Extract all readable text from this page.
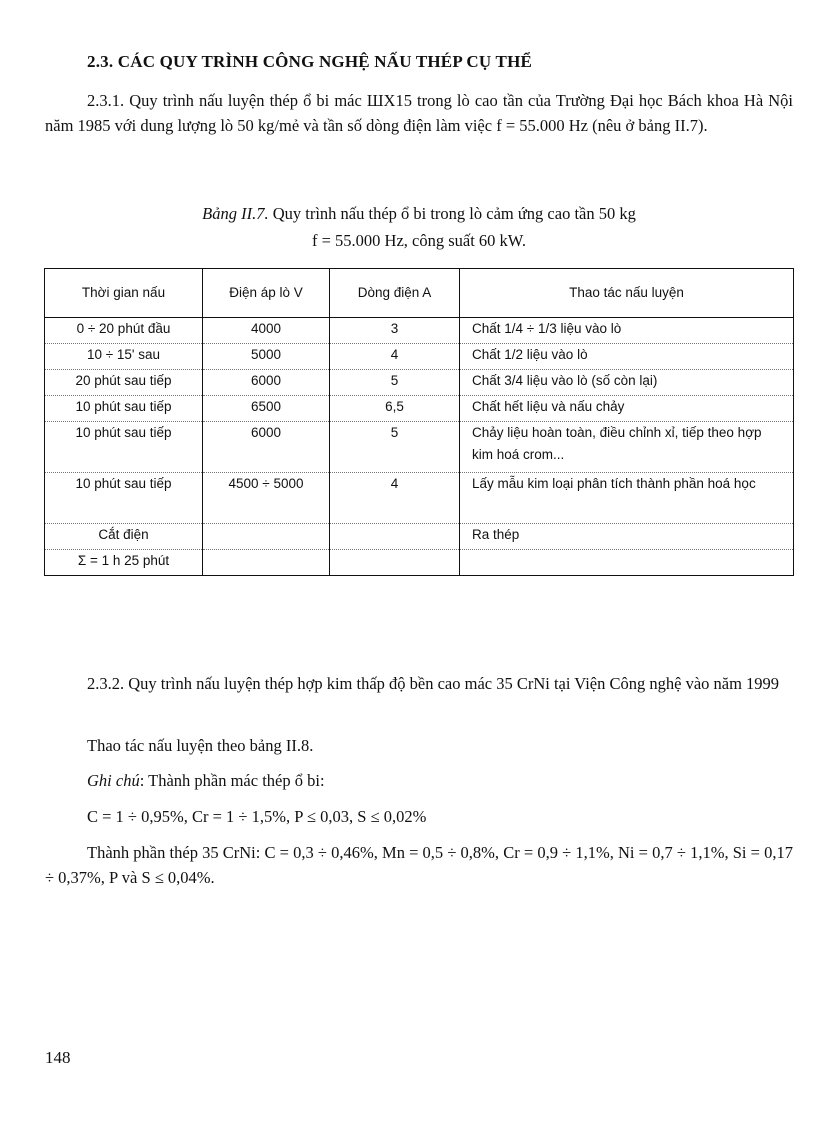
2.3. CÁC QUY TRÌNH CÔNG NGHỆ NẤU THÉP CỤ THỂ

2.3.1. Quy trình nấu luyện thép ổ bi mác ШX15 trong lò cao tần của Trường Đại học Bách khoa Hà Nội năm 1985 với dung lượng lò 50 kg/mẻ và tần số dòng điện làm việc f = 55.000 Hz (nêu ở bảng II.7).

Bảng II.7. Quy trình nấu thép ổ bi trong lò cảm ứng cao tần 50 kg
f = 55.000 Hz, công suất 60 kW.
Thời gian nấu	Điện áp lò V	Dòng điện A	Thao tác nấu luyện
0 ÷ 20 phút đầu	4000	3	Chất 1/4 ÷ 1/3 liệu vào lò
10 ÷ 15' sau	5000	4	Chất 1/2 liệu vào lò
20 phút sau tiếp	6000	5	Chất 3/4 liệu vào lò (số còn lại)
10 phút sau tiếp	6500	6,5	Chất hết liệu và nấu chảy
10 phút sau tiếp	6000	5	Chảy liệu hoàn toàn, điều chỉnh xỉ, tiếp theo hợp kim hoá crom...
10 phút sau tiếp	4500 ÷ 5000	4	Lấy mẫu kim loại phân tích thành phần hoá học
Cắt điện			Ra thép
Σ = 1 h 25 phút			

2.3.2. Quy trình nấu luyện thép hợp kim thấp độ bền cao mác 35 CrNi tại Viện Công nghệ vào năm 1999

Thao tác nấu luyện theo bảng II.8.

Ghi chú: Thành phần mác thép ổ bi:

C = 1 ÷ 0,95%, Cr = 1 ÷ 1,5%, P ≤ 0,03, S ≤ 0,02%

Thành phần thép 35 CrNi: C = 0,3 ÷ 0,46%, Mn = 0,5 ÷ 0,8%, Cr = 0,9 ÷ 1,1%, Ni = 0,7 ÷ 1,1%, Si = 0,17 ÷ 0,37%, P và S ≤ 0,04%.

148
